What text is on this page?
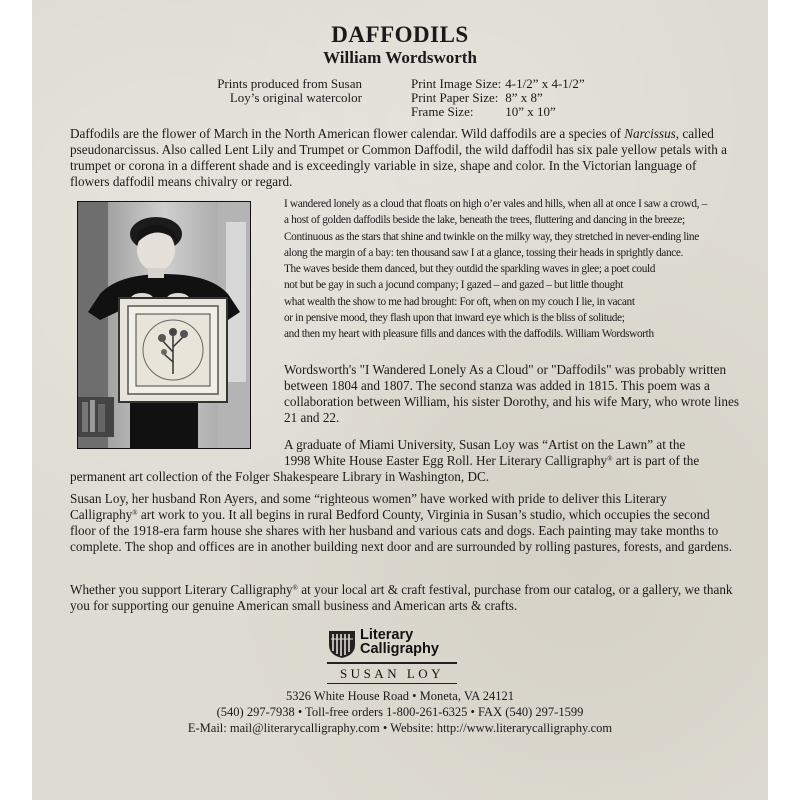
DAFFODILS
William Wordsworth
Prints produced from Susan
Loy’s original watercolor
Print Image Size:	4-1/2” x 4-1/2”
Print Paper Size:	8” x 8”
Frame Size:	10” x 10”

Daffodils are the flower of March in the North American flower calendar. Wild daffodils are a species of Narcissus, called pseudonarcissus. Also called Lent Lily and Trumpet or Common Daffodil, the wild daffodil has six pale yellow petals with a trumpet or corona in a different shade and is exceedingly variable in size, shape and color. In the Victorian language of flowers daffodil means chivalry or regard.

I wandered lonely as a cloud that floats on high o’er vales and hills, when all at once I saw a crowd, –
a host of golden daffodils beside the lake, beneath the trees, fluttering and dancing in the breeze;
Continuous as the stars that shine and twinkle on the milky way, they stretched in never-ending line
along the margin of a bay: ten thousand saw I at a glance, tossing their heads in sprightly dance.
The waves beside them danced, but they outdid the sparkling waves in glee; a poet could
not but be gay in such a jocund company; I gazed – and gazed – but little thought
what wealth the show to me had brought: For oft, when on my couch I lie, in vacant
or in pensive mood, they flash upon that inward eye which is the bliss of solitude;
and then my heart with pleasure fills and dances with the daffodils. William Wordsworth

Wordsworth's "I Wandered Lonely As a Cloud" or "Daffodils" was probably written between 1804 and 1807. The second stanza was added in 1815. This poem was a collaboration between William, his sister Dorothy, and his wife Mary, who wrote lines 21 and 22.

A graduate of Miami University, Susan Loy was “Artist on the Lawn” at the
1998 White House Easter Egg Roll. Her Literary Calligraphy® art is part of the
permanent art collection of the Folger Shakespeare Library in Washington, DC.

Susan Loy, her husband Ron Ayers, and some “righteous women” have worked with pride to deliver this Literary Calligraphy® art work to you. It all begins in rural Bedford County, Virginia in Susan’s studio, which occupies the second floor of the 1918-era farm house she shares with her husband and various cats and dogs. Each painting may take months to complete. The shop and offices are in another building next door and are surrounded by rolling pastures, forests, and gardens.

Whether you support Literary Calligraphy® at your local art & craft festival, purchase from our catalog, or a gallery, we thank you for supporting our genuine American small business and American arts & crafts.

Literary
Calligraphy
SUSAN LOY
5326 White House Road • Moneta, VA 24121
(540) 297-7938 • Toll-free orders 1-800-261-6325 • FAX (540) 297-1599
E-Mail: mail@literarycalligraphy.com • Website: http://www.literarycalligraphy.com
